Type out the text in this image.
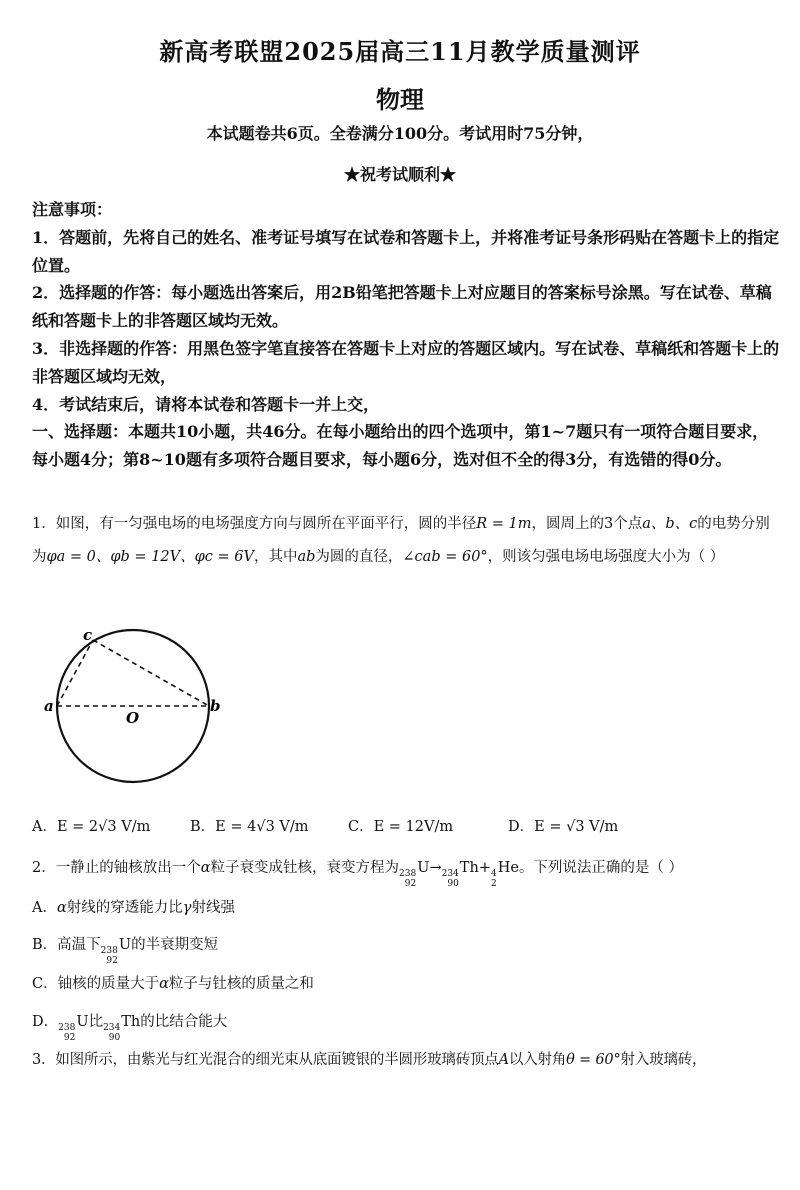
新高考联盟2025届高三11月教学质量测评
物理
本试题卷共6页。全卷满分100分。考试用时75分钟，
★祝考试顺利★

注意事项：

1．答题前，先将自己的姓名、准考证号填写在试卷和答题卡上，并将准考证号条形码贴在答题卡上的指定位置。

2．选择题的作答：每小题选出答案后，用2B铅笔把答题卡上对应题目的答案标号涂黑。写在试卷、草稿纸和答题卡上的非答题区域均无效。

3．非选择题的作答：用黑色签字笔直接答在答题卡上对应的答题区域内。写在试卷、草稿纸和答题卡上的非答题区域均无效，

4．考试结束后，请将本试卷和答题卡一并上交，

一、选择题：本题共10小题，共46分。在每小题给出的四个选项中，第1~7题只有一项符合题目要求，每小题4分；第8~10题有多项符合题目要求，每小题6分，选对但不全的得3分，有选错的得0分。

1．如图，有一匀强电场的电场强度方向与圆所在平面平行，圆的半径R = 1m，圆周上的3个点a、b、c的电势分别为φa = 0、φb = 12V、φc = 6V，其中ab为圆的直径，∠cab = 60°，则该匀强电场电场强度大小为（ ）
a	b
c
O
A．E = 2√3 V/m	B．E = 4√3 V/m	C．E = 12V/m	D．E = √3 V/m
2．一静止的铀核放出一个α粒子衰变成钍核，衰变方程为 238
92
U→ 234
90
Th+ 4
2
He。下列说法正确的是（ ）
A．α射线的穿透能力比γ射线强
B．高温下 238
92
U的半衰期变短
C．铀核的质量大于α粒子与钍核的质量之和
D． 238
92
U比 234
90
Th的比结合能大
3．如图所示，由紫光与红光混合的细光束从底面镀银的半圆形玻璃砖顶点A以入射角θ = 60°射入玻璃砖，
